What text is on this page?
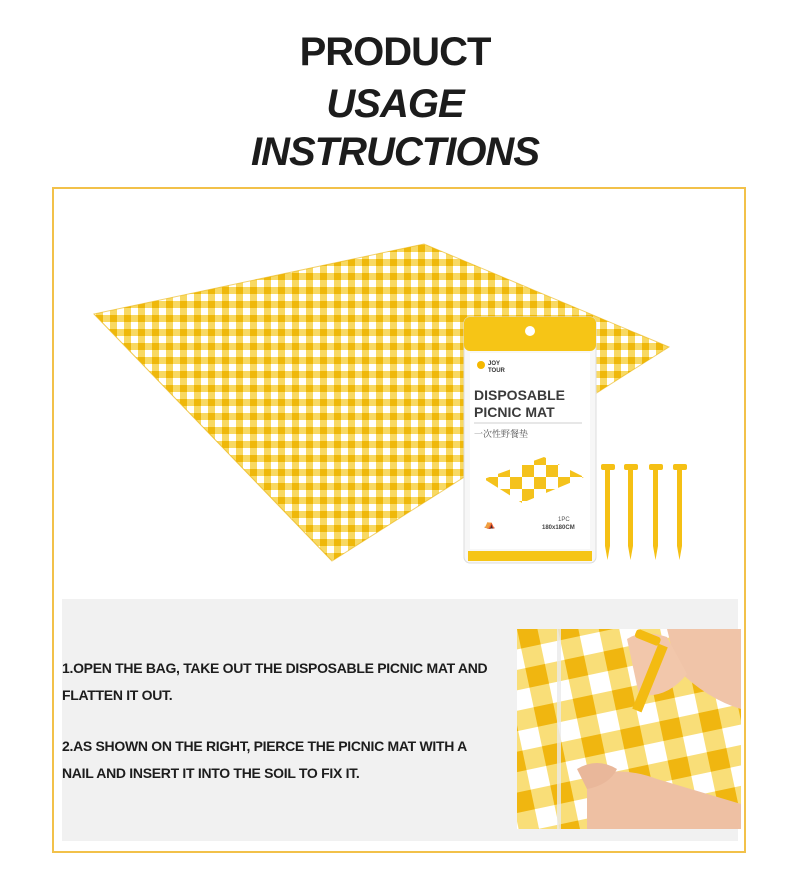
PRODUCT
USAGE
INSTRUCTIONS
JOY
TOUR
DISPOSABLE
PICNIC MAT
一次性野餐垫
⛺	1PC
180x180CM
1.OPEN THE BAG, TAKE OUT THE DISPOSABLE PICNIC MAT AND
FLATTEN IT OUT.
2.AS SHOWN ON THE RIGHT, PIERCE THE PICNIC MAT WITH A
NAIL AND INSERT IT INTO THE SOIL TO FIX IT.
